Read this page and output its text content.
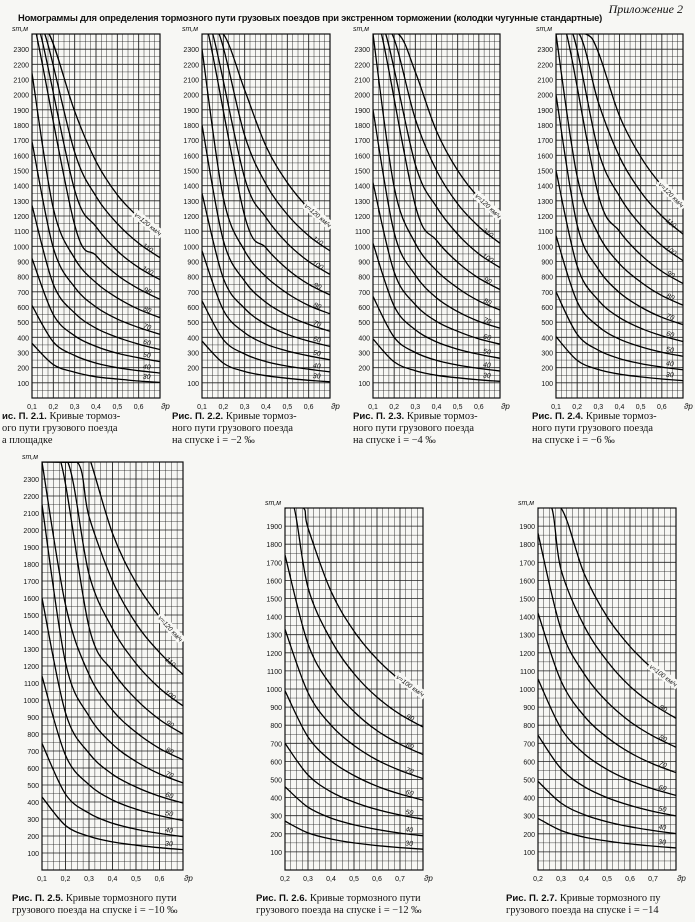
Приложение 2
Номограммы для определения тормозного пути грузовых поездов при экстренном торможении (колодки чугунные стандартные)
100
200
300
400
500
600
700
800
900
1000
1100
1200
1300
1400
1500
1600
1700
1800
1900
2000
2100
2200
2300
sт,м
0,1 0,2 0,3 0,4 0,5 0,6 ϑр
v=120 км/ч
110
100
90
80
70
60
50
40
30
100
200
300
400
500
600
700
800
900
1000
1100
1200
1300
1400
1500
1600
1700
1800
1900
2000
2100
2200
2300
sт,м
0,1 0,2 0,3 0,4 0,5 0,6 ϑр
v=120 км/ч
110
100
90
80
70
60
50
40
30
100
200
300
400
500
600
700
800
900
1000
1100
1200
1300
1400
1500
1600
1700
1800
1900
2000
2100
2200
2300
sт,м
0,1 0,2 0,3 0,4 0,5 0,6 ϑр
v=120 км/ч
110
100
90
80
70
60
50
40
30
100
200
300
400
500
600
700
800
900
1000
1100
1200
1300
1400
1500
1600
1700
1800
1900
2000
2100
2200
2300
sт,м
0,1 0,2 0,3 0,4 0,5 0,6 ϑр
v=120 км/ч
110
100
90
80
70
60
50
40
30
100
200
300
400
500
600
700
800
900
1000
1100
1200
1300
1400
1500
1600
1700
1800
1900
2000
2100
2200
2300
sт,м
0,1 0,2 0,3 0,4 0,5 0,6 ϑр
v=120 км/ч
110
100
90
80
70
60
50
40
30
100
200
300
400
500
600
700
800
900
1000
1100
1200
1300
1400
1500
1600
1700
1800
1900
sт,м
0,2 0,3 0,4 0,5 0,6 0,7 ϑр
v=100 км/ч
90
80
70
60
50
40
30
100
200
300
400
500
600
700
800
900
1000
1100
1200
1300
1400
1500
1600
1700
1800
1900
sт,м
0,2 0,3 0,4 0,5 0,6 0,7 ϑр
v=100 км/ч
90
80
70
60
50
40
30
ис. П. 2.1. Кривые тормоз-
ого пути грузового поезда
а площадке
Рис. П. 2.2. Кривые тормоз-
ного пути грузового поезда
на спуске i = −2 ‰
Рис. П. 2.3. Кривые тормоз-
ного пути грузового поезда
на спуске i = −4 ‰
Рис. П. 2.4. Кривые тормоз-
ного пути грузового поезда
на спуске i = −6 ‰
Рис. П. 2.5. Кривые тормозного пути
грузового поезда на спуске i = −10 ‰
Рис. П. 2.6. Кривые тормозного пути
грузового поезда на спуске i = −12 ‰
Рис. П. 2.7. Кривые тормозного пу
грузового поезда на спуске i = −14
